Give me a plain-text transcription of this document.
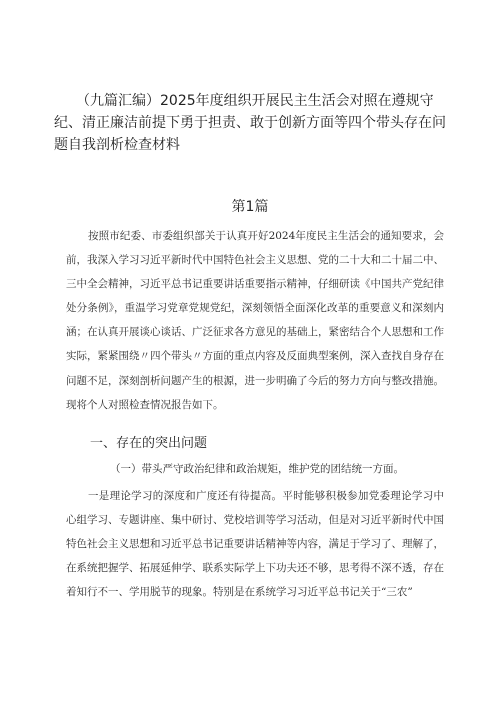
（九篇汇编）2025年度组织开展民主生活会对照在遵规守纪、清正廉洁前提下勇于担责、敢于创新方面等四个带头存在问题自我剖析检查材料
第1篇

按照市纪委、市委组织部关于认真开好2024年度民主生活会的通知要求，会前，我深入学习习近平新时代中国特色社会主义思想、党的二十大和二十届二中、三中全会精神，习近平总书记重要讲话重要指示精神，仔细研读《中国共产党纪律处分条例》，重温学习党章党规党纪，深刻领悟全面深化改革的重要意义和深刻内涵；在认真开展谈心谈话、广泛征求各方意见的基础上，紧密结合个人思想和工作实际，紧紧围绕〃四个带头〃方面的重点内容及反面典型案例，深入查找自身存在问题不足，深刻剖析问题产生的根源，进一步明确了今后的努力方向与整改措施。现将个人对照检查情况报告如下。

一、存在的突出问题

（一）带头严守政治纪律和政治规矩，维护党的团结统一方面。

一是理论学习的深度和广度还有待提高。平时能够积极参加党委理论学习中心组学习、专题讲座、集中研讨、党校培训等学习活动，但是对习近平新时代中国特色社会主义思想和习近平总书记重要讲话精神等内容，满足于学习了、理解了，在系统把握学、拓展延伸学、联系实际学上下功夫还不够，思考得不深不透，存在着知行不一、学用脱节的现象。特别是在系统学习习近平总书记关于“三农”
